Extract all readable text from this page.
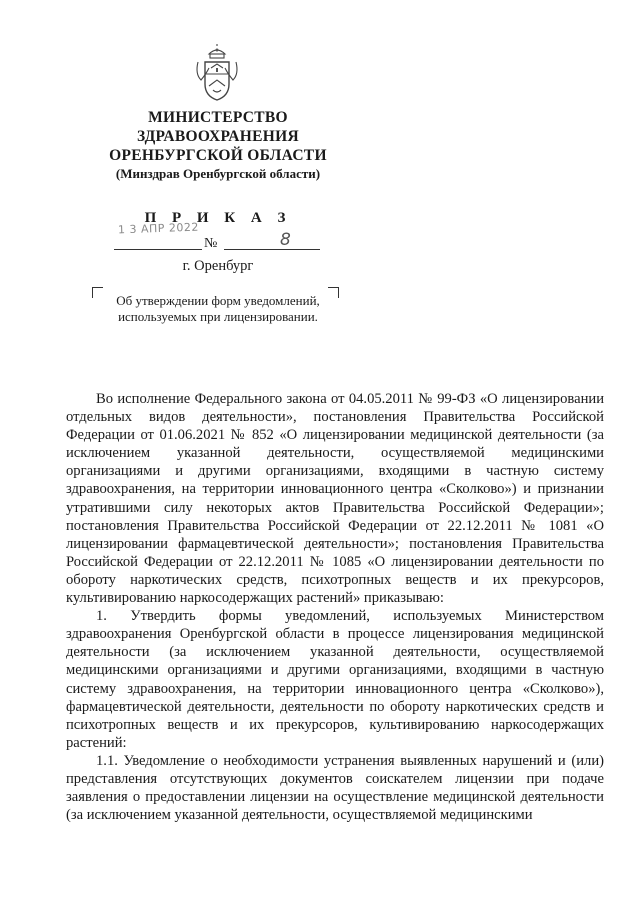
МИНИСТЕРСТВО
ЗДРАВООХРАНЕНИЯ
ОРЕНБУРГСКОЙ ОБЛАСТИ
(Минздрав Оренбургской области)
П Р И К А З
1 3 АПР 2022
№	8
г. Оренбург
Об утверждении форм уведомлений,
используемых при лицензировании.

Во исполнение Федерального закона от 04.05.2011 № 99-ФЗ «О лицензировании отдельных видов деятельности», постановления Правительства Российской Федерации от 01.06.2021 № 852 «О лицензировании медицинской деятельности (за исключением указанной деятельности, осуществляемой медицинскими организациями и другими организациями, входящими в частную систему здравоохранения, на территории инновационного центра «Сколково») и признании утратившими силу некоторых актов Правительства Российской Федерации»; постановления Правительства Российской Федерации от 22.12.2011 № 1081 «О лицензировании фармацевтической деятельности»; постановления Правительства Российской Федерации от 22.12.2011 № 1085 «О лицензировании деятельности по обороту наркотических средств, психотропных веществ и их прекурсоров, культивированию наркосодержащих растений» приказываю:

1. Утвердить формы уведомлений, используемых Министерством здравоохранения Оренбургской области в процессе лицензирования медицинской деятельности (за исключением указанной деятельности, осуществляемой медицинскими организациями и другими организациями, входящими в частную систему здравоохранения, на территории инновационного центра «Сколково»), фармацевтической деятельности, деятельности по обороту наркотических средств и психотропных веществ и их прекурсоров, культивированию наркосодержащих растений:

1.1. Уведомление о необходимости устранения выявленных нарушений и (или) представления отсутствующих документов соискателем лицензии при подаче заявления о предоставлении лицензии на осуществление медицинской деятельности (за исключением указанной деятельности, осуществляемой медицинскими
